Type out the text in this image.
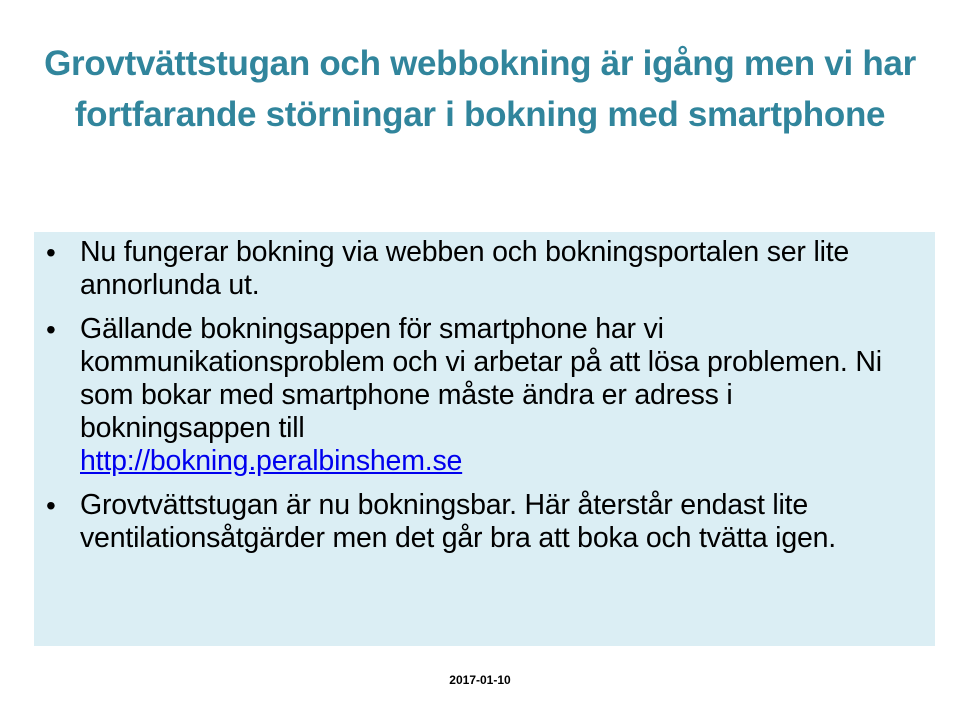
Grovtvättstugan och webbokning är igång men vi har fortfarande störningar i bokning med smartphone
• Nu fungerar bokning via webben och bokningsportalen ser lite annorlunda ut.
• Gällande bokningsappen för smartphone har vi kommunikationsproblem och vi arbetar på att lösa problemen. Ni som bokar med smartphone måste ändra er adress i bokningsappen till
http://bokning.peralbinshem.se
• Grovtvättstugan är nu bokningsbar. Här återstår endast lite ventilationsåtgärder men det går bra att boka och tvätta igen.
2017-01-10
